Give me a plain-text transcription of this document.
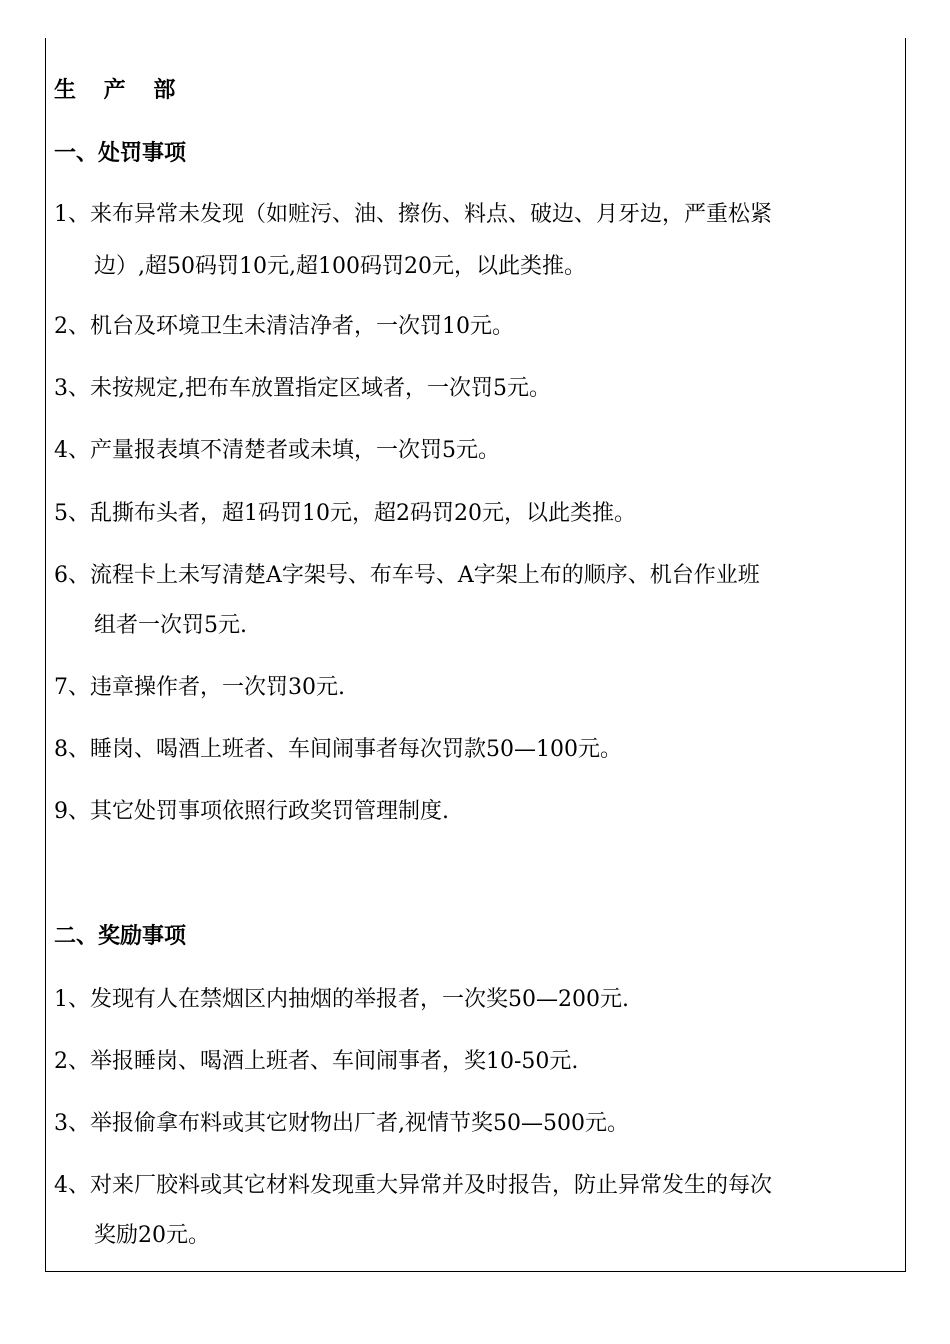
生 产 部
一、处罚事项
1、来布异常未发现（如赃污、油、擦伤、料点、破边、月牙边，严重松紧
边）,超50码罚10元,超100码罚20元，以此类推。
2、机台及环境卫生未清洁净者，一次罚10元。
3、未按规定,把布车放置指定区域者，一次罚5元。
4、产量报表填不清楚者或未填，一次罚5元。
5、乱撕布头者，超1码罚10元，超2码罚20元，以此类推。
6、流程卡上未写清楚A字架号、布车号、A字架上布的顺序、机台作业班
组者一次罚5元.
7、违章操作者，一次罚30元.
8、睡岗、喝酒上班者、车间闹事者每次罚款50—100元。
9、其它处罚事项依照行政奖罚管理制度.
二、奖励事项
1、发现有人在禁烟区内抽烟的举报者，一次奖50—200元.
2、举报睡岗、喝酒上班者、车间闹事者，奖10-50元.
3、举报偷拿布料或其它财物出厂者,视情节奖50—500元。
4、对来厂胶料或其它材料发现重大异常并及时报告，防止异常发生的每次
奖励20元。
